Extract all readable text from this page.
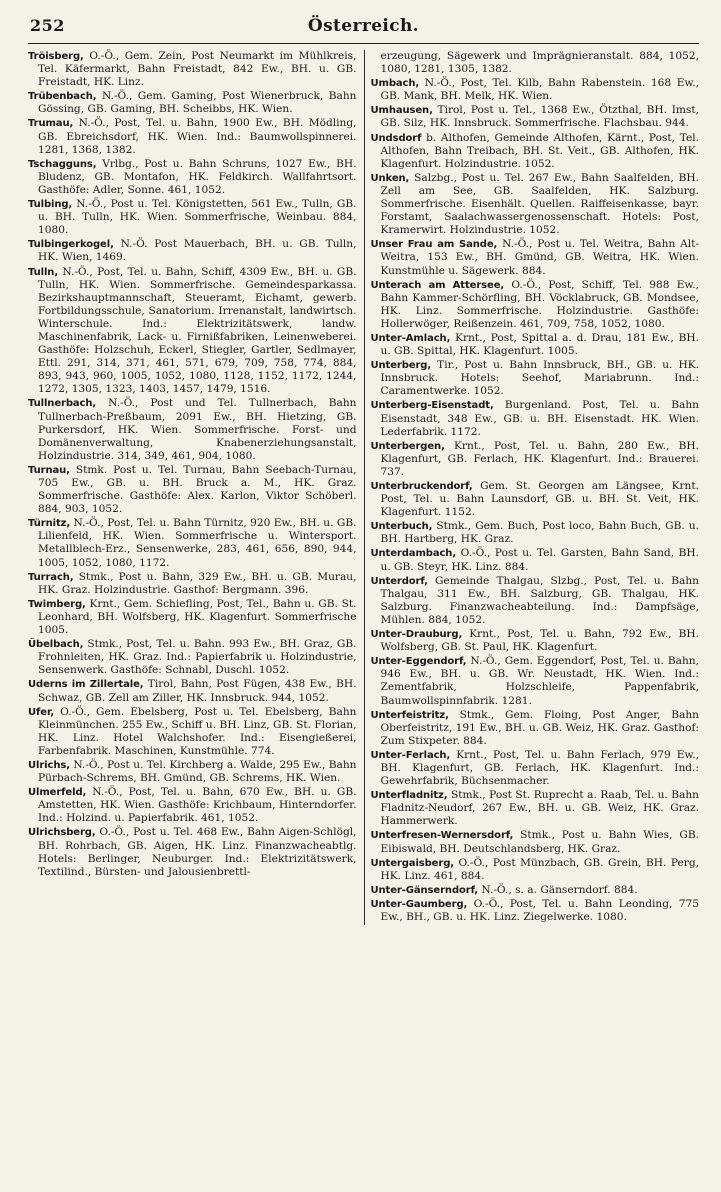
252	Österreich.

Tröisberg, O.-Ö., Gem. Zein, Post Neumarkt im Mühlkreis, Tel. Käfermarkt, Bahn Freistadt, 842 Ew., BH. u. GB. Freistadt, HK. Linz.

Trübenbach, N.-Ö., Gem. Gaming, Post Wienerbruck, Bahn Gössing, GB. Gaming, BH. Scheibbs, HK. Wien.

Trumau, N.-Ö., Post, Tel. u. Bahn, 1900 Ew., BH. Mödling, GB. Ebreichsdorf, HK. Wien. Ind.: Baumwollspinnerei. 1281, 1368, 1382.

Tschagguns, Vrlbg., Post u. Bahn Schruns, 1027 Ew., BH. Bludenz, GB. Montafon, HK. Feldkirch. Wallfahrtsort. Gasthöfe: Adler, Sonne. 461, 1052.

Tulbing, N.-Ö., Post u. Tel. Königstetten, 561 Ew., Tulln, GB. u. BH. Tulln, HK. Wien. Sommerfrische, Weinbau. 884, 1080.

Tulbingerkogel, N.-Ö. Post Mauerbach, BH. u. GB. Tulln, HK. Wien, 1469.

Tulln, N.-Ö., Post, Tel. u. Bahn, Schiff, 4309 Ew., BH. u. GB. Tulln, HK. Wien. Sommerfrische. Gemeindesparkassa. Bezirkshauptmannschaft, Steueramt, Eichamt, gewerb. Fortbildungsschule, Sanatorium. Irrenanstalt, landwirtsch. Winterschule. Ind.: Elektrizitätswerk, landw. Maschinenfabrik, Lack- u. Firnißfabriken, Leinenweberei. Gasthöfe: Holzschuh, Eckerl, Stiegler, Gartler, Sedlmayer, Ettl. 291, 314, 371, 461, 571, 679, 709, 758, 774, 884, 893, 943, 960, 1005, 1052, 1080, 1128, 1152, 1172, 1244, 1272, 1305, 1323, 1403, 1457, 1479, 1516.

Tullnerbach, N.-Ö., Post und Tel. Tullnerbach, Bahn Tullnerbach-Preßbaum, 2091 Ew., BH. Hietzing, GB. Purkersdorf, HK. Wien. Sommerfrische. Forst- und Domänenverwaltung, Knabenerziehungsanstalt, Holzindustrie. 314, 349, 461, 904, 1080.

Turnau, Stmk. Post u. Tel. Turnau, Bahn Seebach-Turnau, 705 Ew., GB. u. BH. Bruck a. M., HK. Graz. Sommerfrische. Gasthöfe: Alex. Karlon, Viktor Schöberl. 884, 903, 1052.

Türnitz, N.-Ö., Post, Tel. u. Bahn Türnitz, 920 Ew., BH. u. GB. Lilienfeld, HK. Wien. Sommerfrische u. Wintersport. Metallblech-Erz., Sensenwerke, 283, 461, 656, 890, 944, 1005, 1052, 1080, 1172.

Turrach, Stmk., Post u. Bahn, 329 Ew., BH. u. GB. Murau, HK. Graz. Holzindustrie. Gasthof: Bergmann. 396.

Twimberg, Krnt., Gem. Schiefling, Post, Tel., Bahn u. GB. St. Leonhard, BH. Wolfsberg, HK. Klagenfurt. Sommerfrische 1005.

Übelbach, Stmk., Post, Tel. u. Bahn. 993 Ew., BH. Graz, GB. Frohnleiten, HK. Graz. Ind.: Papierfabrik u. Holzindustrie, Sensenwerk. Gasthöfe: Schnabl, Duschl. 1052.

Uderns im Zillertale, Tirol, Bahn, Post Fügen, 438 Ew., BH. Schwaz, GB. Zell am Ziller, HK. Innsbruck. 944, 1052.

Ufer, O.-Ö., Gem. Ebelsberg, Post u. Tel. Ebelsberg, Bahn Kleinmünchen. 255 Ew., Schiff u. BH. Linz, GB. St. Florian, HK. Linz. Hotel Walchshofer. Ind.: Eisengießerei, Farbenfabrik. Maschinen, Kunstmühle. 774.

Ulrichs, N.-Ö., Post u. Tel. Kirchberg a. Walde, 295 Ew., Bahn Pürbach-Schrems, BH. Gmünd, GB. Schrems, HK. Wien.

Ulmerfeld, N.-Ö., Post, Tel. u. Bahn, 670 Ew., BH. u. GB. Amstetten, HK. Wien. Gasthöfe: Krichbaum, Hinterndorfer. Ind.: Holzind. u. Papierfabrik. 461, 1052.

Ulrichsberg, O.-Ö., Post u. Tel. 468 Ew., Bahn Aigen-Schlögl, BH. Rohrbach, GB. Aigen, HK. Linz. Finanzwacheabtlg. Hotels: Berlinger, Neuburger. Ind.: Elektrizitätswerk, Textilind., Bürsten- und Jalousienbrettl-

erzeugung, Sägewerk und Imprägnieranstalt. 884, 1052, 1080, 1281, 1305, 1382.

Umbach, N.-Ö., Post, Tel. Kilb, Bahn Rabenstein. 168 Ew., GB. Mank, BH. Melk, HK. Wien.

Umhausen, Tirol, Post u. Tel., 1368 Ew., Ötzthal, BH. Imst, GB. Silz, HK. Innsbruck. Sommerfrische. Flachsbau. 944.

Undsdorf b. Althofen, Gemeinde Althofen, Kärnt., Post, Tel. Althofen, Bahn Treibach, BH. St. Veit., GB. Althofen, HK. Klagenfurt. Holzindustrie. 1052.

Unken, Salzbg., Post u. Tel. 267 Ew., Bahn Saalfelden, BH. Zell am See, GB. Saalfelden, HK. Salzburg. Sommerfrische. Eisenhält. Quellen. Raiffeisenkasse, bayr. Forstamt, Saalachwassergenossenschaft. Hotels: Post, Kramerwirt. Holzindustrie. 1052.

Unser Frau am Sande, N.-Ö., Post u. Tel. Weitra, Bahn Alt-Weitra, 153 Ew., BH. Gmünd, GB. Weitra, HK. Wien. Kunstmühle u. Sägewerk. 884.

Unterach am Attersee, O.-Ö., Post, Schiff, Tel. 988 Ew., Bahn Kammer-Schörfling, BH. Vöcklabruck, GB. Mondsee, HK. Linz. Sommerfrische. Holzindustrie. Gasthöfe: Hollerwöger, Reißenzein. 461, 709, 758, 1052, 1080.

Unter-Amlach, Krnt., Post, Spittal a. d. Drau, 181 Ew., BH. u. GB. Spittal, HK. Klagenfurt. 1005.

Unterberg, Tir., Post u. Bahn Innsbruck, BH., GB. u. HK. Innsbruck. Hotels: Seehof, Mariabrunn. Ind.: Caramentwerke. 1052.

Unterberg-Eisenstadt, Burgenland. Post, Tel. u. Bahn Eisenstadt, 348 Ew., GB. u. BH. Eisenstadt. HK. Wien. Lederfabrik. 1172.

Unterbergen, Krnt., Post, Tel. u. Bahn, 280 Ew., BH. Klagenfurt, GB. Ferlach, HK. Klagenfurt. Ind.: Brauerei. 737.

Unterbruckendorf, Gem. St. Georgen am Längsee, Krnt. Post, Tel. u. Bahn Launsdorf, GB. u. BH. St. Veit, HK. Klagenfurt. 1152.

Unterbuch, Stmk., Gem. Buch, Post loco, Bahn Buch, GB. u. BH. Hartberg, HK. Graz.

Unterdambach, O.-Ö., Post u. Tel. Garsten, Bahn Sand, BH. u. GB. Steyr, HK. Linz. 884.

Unterdorf, Gemeinde Thalgau, Slzbg., Post, Tel. u. Bahn Thalgau, 311 Ew., BH. Salzburg, GB. Thalgau, HK. Salzburg. Finanzwacheabteilung. Ind.: Dampfsäge, Mühlen. 884, 1052.

Unter-Drauburg, Krnt., Post, Tel. u. Bahn, 792 Ew., BH. Wolfsberg, GB. St. Paul, HK. Klagenfurt.

Unter-Eggendorf, N.-Ö., Gem. Eggendorf, Post, Tel. u. Bahn, 946 Ew., BH. u. GB. Wr. Neustadt, HK. Wien. Ind.: Zementfabrik, Holzschleife, Pappenfabrik, Baumwollspinnfabrik. 1281.

Unterfeistritz, Stmk., Gem. Floing, Post Anger, Bahn Oberfeistritz, 191 Ew., BH. u. GB. Weiz, HK. Graz. Gasthof: Zum Stixpeter. 884.

Unter-Ferlach, Krnt., Post, Tel. u. Bahn Ferlach, 979 Ew., BH. Klagenfurt, GB. Ferlach, HK. Klagenfurt. Ind.: Gewehrfabrik, Büchsenmacher.

Unterfladnitz, Stmk., Post St. Ruprecht a. Raab, Tel. u. Bahn Fladnitz-Neudorf, 267 Ew., BH. u. GB. Weiz, HK. Graz. Hammerwerk.

Unterfresen-Wernersdorf, Stmk., Post u. Bahn Wies, GB. Eibiswald, BH. Deutschlandsberg, HK. Graz.

Untergaisberg, O.-Ö., Post Münzbach, GB. Grein, BH. Perg, HK. Linz. 461, 884.

Unter-Gänserndorf, N.-Ö., s. a. Gänserndorf. 884.

Unter-Gaumberg, O.-Ö., Post, Tel. u. Bahn Leonding, 775 Ew., BH., GB. u. HK. Linz. Ziegelwerke. 1080.
